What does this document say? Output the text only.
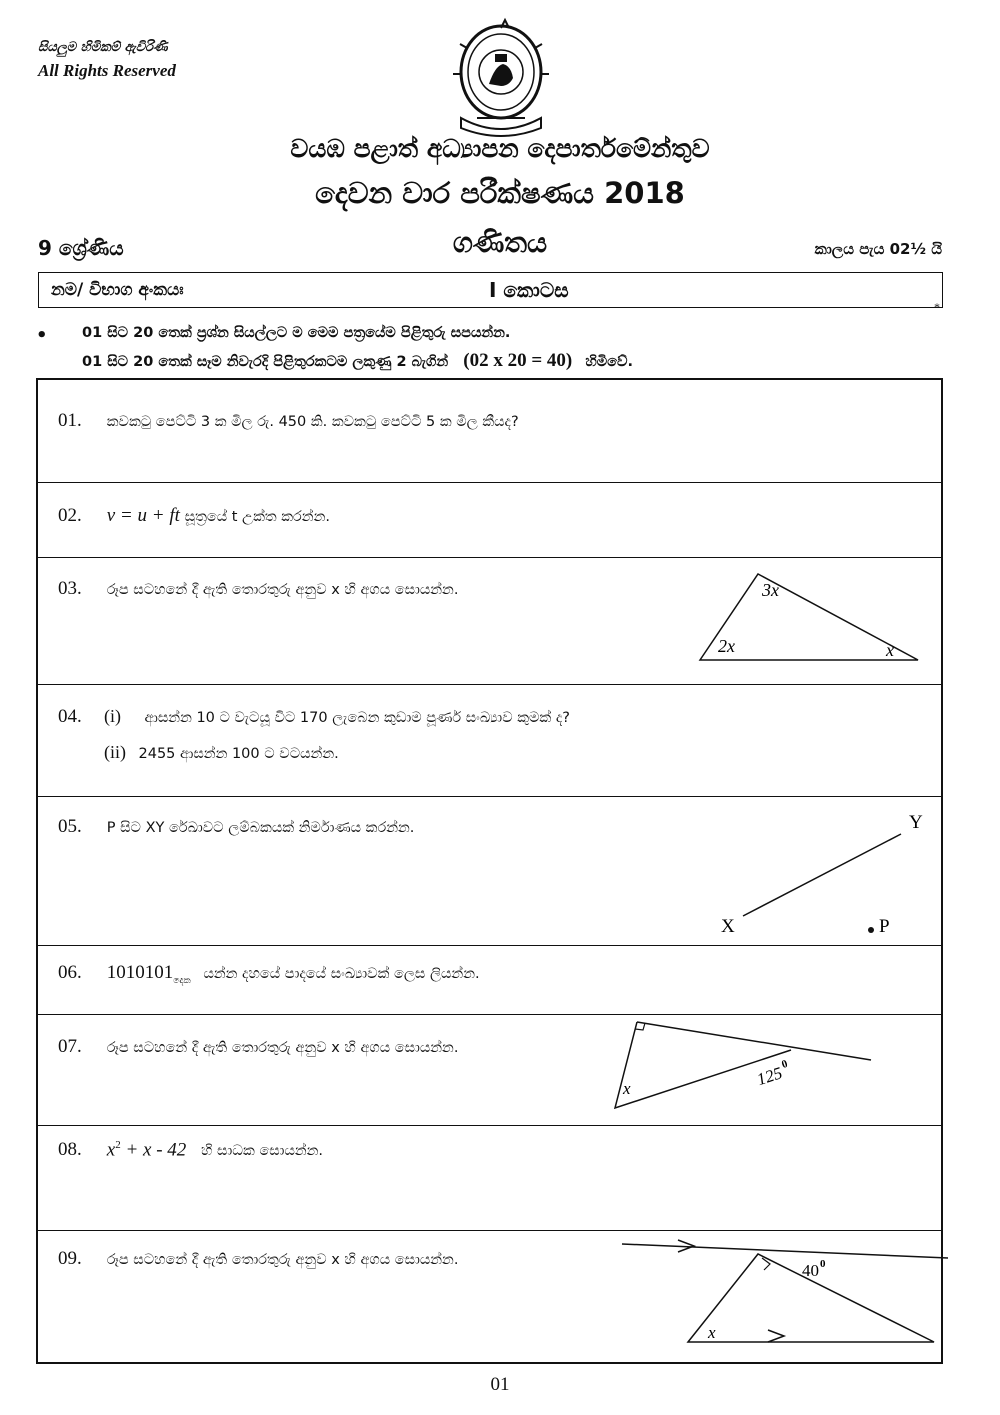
සියලුම හිමිකම් ඇවිරිණි
All Rights Reserved
වයඹ පළාත් අධ්‍යාපන දෙපාර්තමේන්තුව
දෙවන වාර පරීක්ෂණය 2018
9 ශ්‍රේණිය	ගණිතය	කාලය පැය 02½ යි
නම/ විභාග අංකයඃ	I කොටස
*
• 01 සිට 20 තෙක් ප්‍රශ්න සියල්ලට ම මෙම පත්‍රයේම පිළිතුරු සපයන්න.
01 සිට 20 තෙක් සෑම නිවැරදි පිළිතුරකටම ලකුණු 2 බැගින් (02 x 20 = 40) හිමිවේ.
01. කවකටු පෙට්ටි 3 ක මිල රු. 450 කි. කවකටු පෙට්ටි 5 ක මිල කීයද?
02. v = u + ft සූත්‍රයේ t උක්ත කරන්න.
03. රූප සටහනේ දී ඇති තොරතුරු අනුව x හි අගය සොයන්න.	3x
2x	x
04.	(i) ආසන්න 10 ට වැටයූ විට 170 ලැබෙන කුඩාම පූර්ණ සංඛ්‍යාව කුමක් ද?
(ii) 2455 ආසන්න 100 ට වටයන්න.
05. P සිට XY රේඛාවට ලම්බකයක් නිර්මාණය කරන්න.
X
Y
P
06. $1010101_{දෙක}$ යන්න දහයේ පාදයේ සංඛ්‍යාවක් ලෙස ලියන්න.
07. රූප සටහනේ දී ඇති තොරතුරු අනුව x හි අගය සොයන්න.
x	125
0
08. $x^2 + x - 42$ හි සාධක සොයන්න.
09. රූප සටහනේ දී ඇති තොරතුරු අනුව x හි අගය සොයන්න.
x
40 0
01
